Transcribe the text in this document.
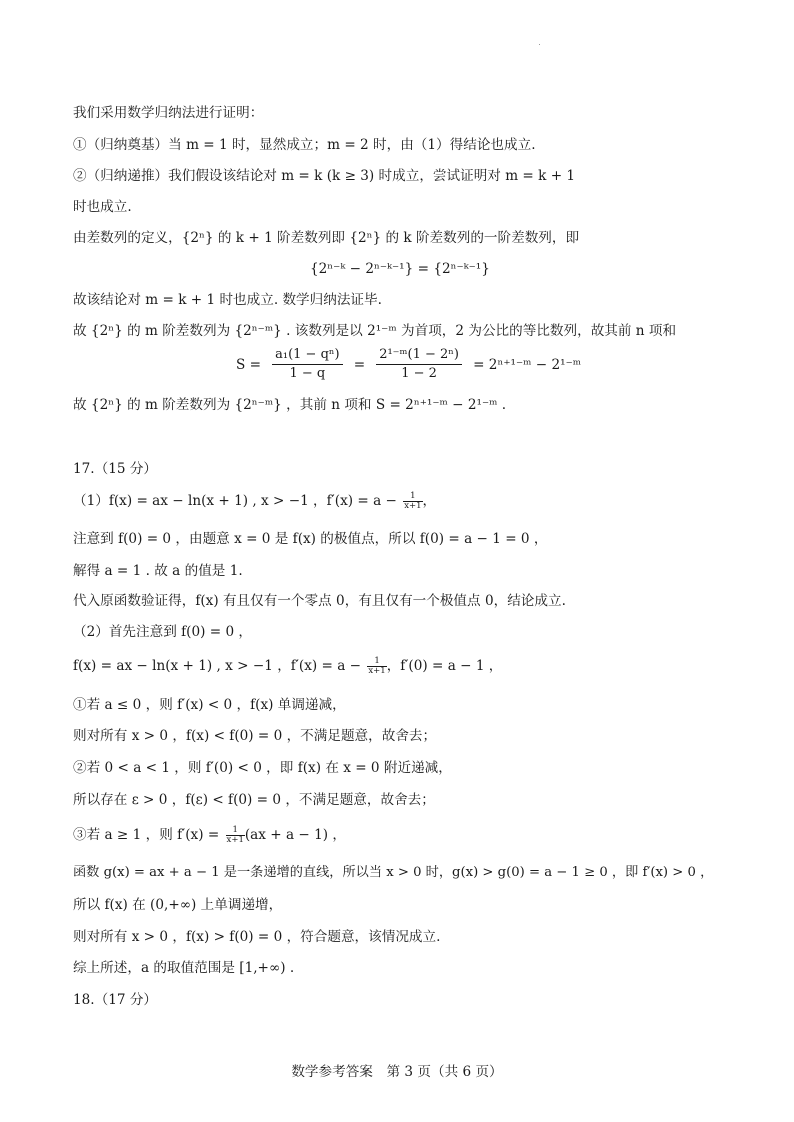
我们采用数学归纳法进行证明：
①（归纳奠基）当 m = 1 时，显然成立；m = 2 时，由（1）得结论也成立.
②（归纳递推）我们假设该结论对 m = k (k ≥ 3) 时成立，尝试证明对 m = k + 1
时也成立.
由差数列的定义，{2ⁿ} 的 k + 1 阶差数列即 {2ⁿ} 的 k 阶差数列的一阶差数列，即
{2ⁿ⁻ᵏ − 2ⁿ⁻ᵏ⁻¹} = {2ⁿ⁻ᵏ⁻¹}
故该结论对 m = k + 1 时也成立. 数学归纳法证毕.
故 {2ⁿ} 的 m 阶差数列为 {2ⁿ⁻ᵐ} . 该数列是以 2¹⁻ᵐ 为首项，2 为公比的等比数列，故其前 n 项和
$S = \frac{\text{a₁(1 − qⁿ)}}{1 - q} = \frac{\text{2¹⁻ᵐ(1 − 2ⁿ)}}{1 - 2}$ = 2ⁿ⁺¹⁻ᵐ − 2¹⁻ᵐ
故 {2ⁿ} 的 m 阶差数列为 {2ⁿ⁻ᵐ} ，其前 n 项和 S = 2ⁿ⁺¹⁻ᵐ − 2¹⁻ᵐ .
17.（15 分）
（1）f(x) = ax − ln(x + 1) , x > −1 ，$f'(x) = a - \frac{1}{x+1}$ ，
注意到 f(0) = 0 ，由题意 x = 0 是 f(x) 的极值点，所以 f(0) = a − 1 = 0 ，
解得 a = 1 . 故 a 的值是 1.
代入原函数验证得，f(x) 有且仅有一个零点 0，有且仅有一个极值点 0，结论成立.
（2）首先注意到 f(0) = 0 ，
f(x) = ax − ln(x + 1) , x > −1 ，$f'(x) = a - \frac{1}{x+1}$ ，f′(0) = a − 1 ，
①若 a ≤ 0 ，则 f′(x) < 0 ，f(x) 单调递减，
则对所有 x > 0 ，f(x) < f(0) = 0 ，不满足题意，故舍去；
②若 0 < a < 1 ，则 f′(0) < 0 ，即 f(x) 在 x = 0 附近递减，
所以存在 ε > 0 ，f(ε) < f(0) = 0 ，不满足题意，故舍去；
③若 a ≥ 1 ，则 $f'(x) = \frac{1}{x+1} (ax + a - 1)$ ，
函数 g(x) = ax + a − 1 是一条递增的直线，所以当 x > 0 时，g(x) > g(0) = a − 1 ≥ 0 ，即 f′(x) > 0 ，
所以 f(x) 在 (0,+∞) 上单调递增，
则对所有 x > 0 ，f(x) > f(0) = 0 ，符合题意，该情况成立.
综上所述，a 的取值范围是 [1,+∞) .
18.（17 分）
数学参考答案　第 3 页（共 6 页）
